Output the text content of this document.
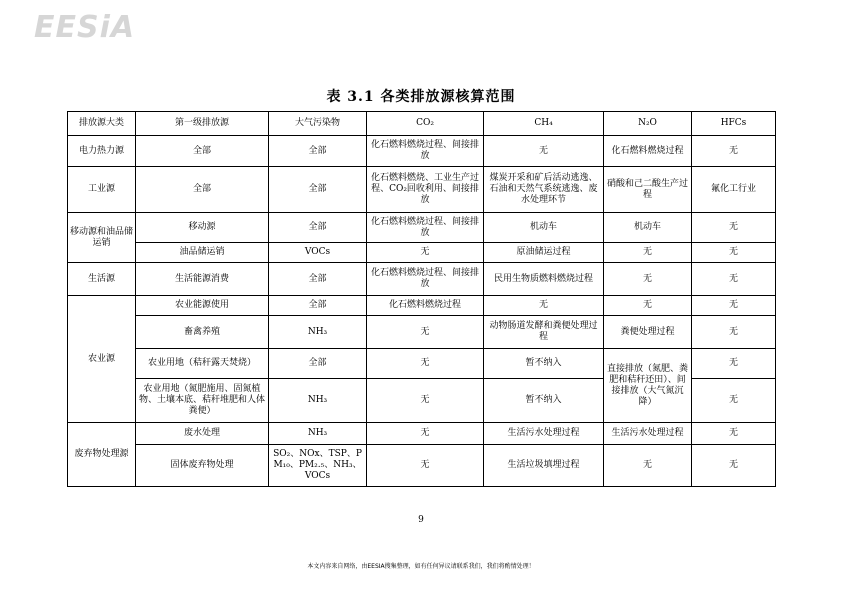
EESiA
表 3.1 各类排放源核算范围
排放源大类	第一级排放源	大气污染物	CO₂	CH₄	N₂O	HFCs
电力热力源	全部	全部	化石燃料燃烧过程、间接排放	无	化石燃料燃烧过程	无
工业源	全部	全部	化石燃料燃烧、工业生产过程、CO₂回收利用、间接排放	煤炭开采和矿后活动逃逸、石油和天然气系统逃逸、废水处理环节	硝酸和己二酸生产过程	氟化工行业
移动源和油品储运销	移动源	全部	化石燃料燃烧过程、间接排放	机动车	机动车	无
	油品储运销	VOCs	无	原油储运过程	无	无
生活源	生活能源消费	全部	化石燃料燃烧过程、间接排放	民用生物质燃料燃烧过程	无	无
农业源	农业能源使用	全部	化石燃料燃烧过程	无	无	无
	畜禽养殖	NH₃	无	动物肠道发酵和粪便处理过程	粪便处理过程	无
	农业用地（秸秆露天焚烧）	全部	无	暂不纳入	直接排放（氮肥、粪肥和秸秆还田）、间接排放（大气氮沉降）	无
	农业用地（氮肥施用、固氮植物、土壤本底、秸秆堆肥和人体粪便）	NH₃	无	暂不纳入		无
废弃物处理源	废水处理	NH₃	无	生活污水处理过程	生活污水处理过程	无
	固体废弃物处理	SO₂、NOx、TSP、PM₁₀、PM₂.₅、NH₃、VOCs	无	生活垃圾填埋过程	无	无
9
本文内容来自网络，由EESIA搜集整理，如有任何异议请联系我们，我们将酌情处理！
